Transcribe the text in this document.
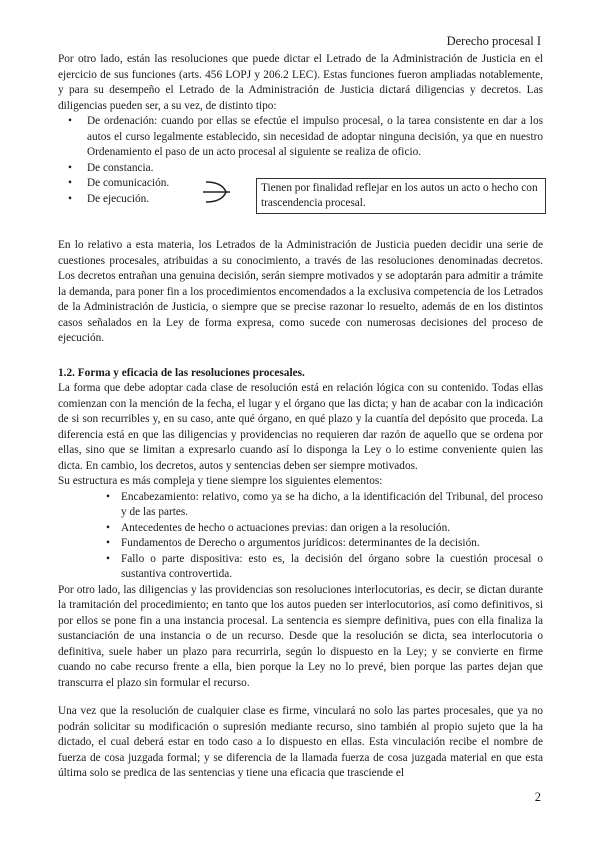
Derecho procesal I

Por otro lado, están las resoluciones que puede dictar el Letrado de la Administración de Justicia en el ejercicio de sus funciones (arts. 456 LOPJ y 206.2 LEC). Estas funciones fueron ampliadas notablemente, y para su desempeño el Letrado de la Administración de Justicia dictará diligencias y decretos. Las diligencias pueden ser, a su vez, de distinto tipo:

• De ordenación: cuando por ellas se efectúe el impulso procesal, o la tarea consistente en dar a los autos el curso legalmente establecido, sin necesidad de adoptar ninguna decisión, ya que en nuestro Ordenamiento el paso de un acto procesal al siguiente se realiza de oficio.
• De constancia.
• De comunicación.
• De ejecución.

En lo relativo a esta materia, los Letrados de la Administración de Justicia pueden decidir una serie de cuestiones procesales, atribuidas a su conocimiento, a través de las resoluciones denominadas decretos. Los decretos entrañan una genuina decisión, serán siempre motivados y se adoptarán para admitir a trámite la demanda, para poner fin a los procedimientos encomendados a la exclusiva competencia de los Letrados de la Administración de Justicia, o siempre que se precise razonar lo resuelto, además de en los distintos casos señalados en la Ley de forma expresa, como sucede con numerosas decisiones del proceso de ejecución.

1.2. Forma y eficacia de las resoluciones procesales.

La forma que debe adoptar cada clase de resolución está en relación lógica con su contenido. Todas ellas comienzan con la mención de la fecha, el lugar y el órgano que las dicta; y han de acabar con la indicación de si son recurribles y, en su caso, ante qué órgano, en qué plazo y la cuantía del depósito que proceda. La diferencia está en que las diligencias y providencias no requieren dar razón de aquello que se ordena por ellas, sino que se limitan a expresarlo cuando así lo disponga la Ley o lo estime conveniente quien las dicta. En cambio, los decretos, autos y sentencias deben ser siempre motivados.

Su estructura es más compleja y tiene siempre los siguientes elementos:

• Encabezamiento: relativo, como ya se ha dicho, a la identificación del Tribunal, del proceso y de las partes.
• Antecedentes de hecho o actuaciones previas: dan origen a la resolución.
• Fundamentos de Derecho o argumentos jurídicos: determinantes de la decisión.
• Fallo o parte dispositiva: esto es, la decisión del órgano sobre la cuestión procesal o sustantiva controvertida.

Por otro lado, las diligencias y las providencias son resoluciones interlocutorias, es decir, se dictan durante la tramitación del procedimiento; en tanto que los autos pueden ser interlocutorios, así como definitivos, si por ellos se pone fin a una instancia procesal. La sentencia es siempre definitiva, pues con ella finaliza la sustanciación de una instancia o de un recurso. Desde que la resolución se dicta, sea interlocutoria o definitiva, suele haber un plazo para recurrirla, según lo dispuesto en la Ley; y se convierte en firme cuando no cabe recurso frente a ella, bien porque la Ley no lo prevé, bien porque las partes dejan que transcurra el plazo sin formular el recurso.

Una vez que la resolución de cualquier clase es firme, vinculará no solo las partes procesales, que ya no podrán solicitar su modificación o supresión mediante recurso, sino también al propio sujeto que la ha dictado, el cual deberá estar en todo caso a lo dispuesto en ellas. Esta vinculación recibe el nombre de fuerza de cosa juzgada formal; y se diferencia de la llamada fuerza de cosa juzgada material en que esta última solo se predica de las sentencias y tiene una eficacia que trasciende el

Tienen por finalidad reflejar en los autos un acto o hecho con trascendencia procesal.
2
